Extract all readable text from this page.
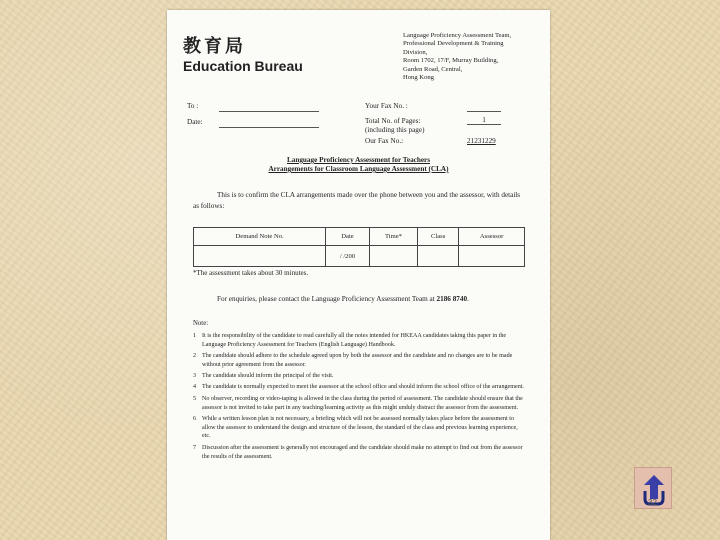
教育局
Education Bureau
Language Proficiency Assessment Team,
Professional Development & Training
Division,
Room 1702, 17/F, Murray Building,
Garden Road, Central,
Hong Kong
To :
Date:
Your Fax No. :
Total No. of Pages:	1
(including this page)
Our Fax No.:	21231229
Language Proficiency Assessment for Teachers
Arrangements for Classroom Language Assessment (CLA)
This is to confirm the CLA arrangements made over the phone between you and the assessor, with details as follows:
Demand Note No.	Date	Time*	Class	Assessor
	/ /200			
*The assessment takes about 30 minutes.
For enquiries, please contact the Language Proficiency Assessment Team at 2186 8740.
Note:
1 It is the responsibility of the candidate to read carefully all the notes intended for HKEAA candidates taking this paper in the Language Proficiency Assessment for Teachers (English Language) Handbook.
2 The candidate should adhere to the schedule agreed upon by both the assessor and the candidate and no changes are to be made without prior agreement from the assessor.
3 The candidate should inform the principal of the visit.
4 The candidate is normally expected to meet the assessor at the school office and should inform the school office of the arrangement.
5 No observer, recording or video-taping is allowed in the class during the period of assessment. The candidate should ensure that the assessor is not invited to take part in any teaching/learning activity as this might unduly distract the assessor from the assessment.
6 While a written lesson plan is not necessary, a briefing which will not be assessed normally takes place before the assessment to allow the assessor to understand the design and structure of the lesson, the standard of the class and previous learning experience, etc.
7 Discussion after the assessment is generally not encouraged and the candidate should make no attempt to find out from the assessor the results of the assessment.
32
